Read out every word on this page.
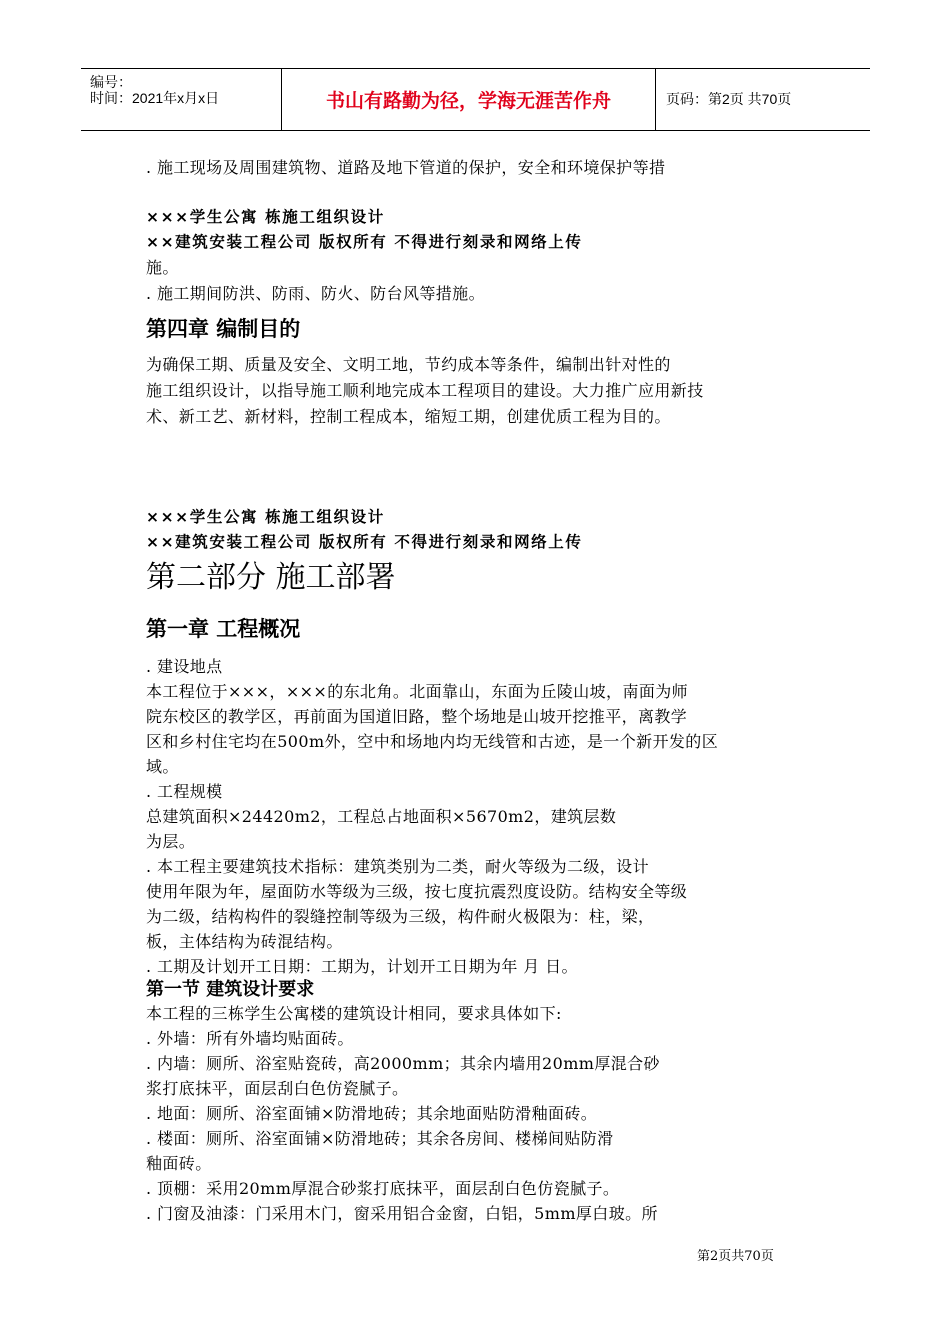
编号：
时间：2021年x月x日	书山有路勤为径，学海无涯苦作舟	页码：第2页 共70页
. 施工现场及周围建筑物、道路及地下管道的保护，安全和环境保护等措
×××学生公寓 栋施工组织设计
××建筑安装工程公司 版权所有 不得进行刻录和网络上传
施。
. 施工期间防洪、防雨、防火、防台风等措施。
第四章 编制目的
为确保工期、质量及安全、文明工地，节约成本等条件，编制出针对性的
施工组织设计，以指导施工顺利地完成本工程项目的建设。大力推广应用新技
术、新工艺、新材料，控制工程成本，缩短工期，创建优质工程为目的。
×××学生公寓 栋施工组织设计
××建筑安装工程公司 版权所有 不得进行刻录和网络上传
第二部分 施工部署
第一章 工程概况
. 建设地点
本工程位于×××，×××的东北角。北面靠山，东面为丘陵山坡，南面为师
院东校区的教学区，再前面为国道旧路，整个场地是山坡开挖推平，离教学
区和乡村住宅均在500m外，空中和场地内均无线管和古迹，是一个新开发的区
域。
. 工程规模
总建筑面积×24420m2，工程总占地面积×5670m2，建筑层数
为层。
. 本工程主要建筑技术指标：建筑类别为二类，耐火等级为二级，设计
使用年限为年，屋面防水等级为三级，按七度抗震烈度设防。结构安全等级
为二级，结构构件的裂缝控制等级为三级，构件耐火极限为：柱，梁，
板，主体结构为砖混结构。
. 工期及计划开工日期：工期为，计划开工日期为年 月 日。
第一节 建筑设计要求
本工程的三栋学生公寓楼的建筑设计相同，要求具体如下:
. 外墙：所有外墙均贴面砖。
. 内墙：厕所、浴室贴瓷砖，高2000mm；其余内墙用20mm厚混合砂
浆打底抹平，面层刮白色仿瓷腻子。
. 地面：厕所、浴室面铺×防滑地砖；其余地面贴防滑釉面砖。
. 楼面：厕所、浴室面铺×防滑地砖；其余各房间、楼梯间贴防滑
釉面砖。
. 顶棚：采用20mm厚混合砂浆打底抹平，面层刮白色仿瓷腻子。
. 门窗及油漆：门采用木门，窗采用铝合金窗，白铝，5mm厚白玻。所
第2页共70页
